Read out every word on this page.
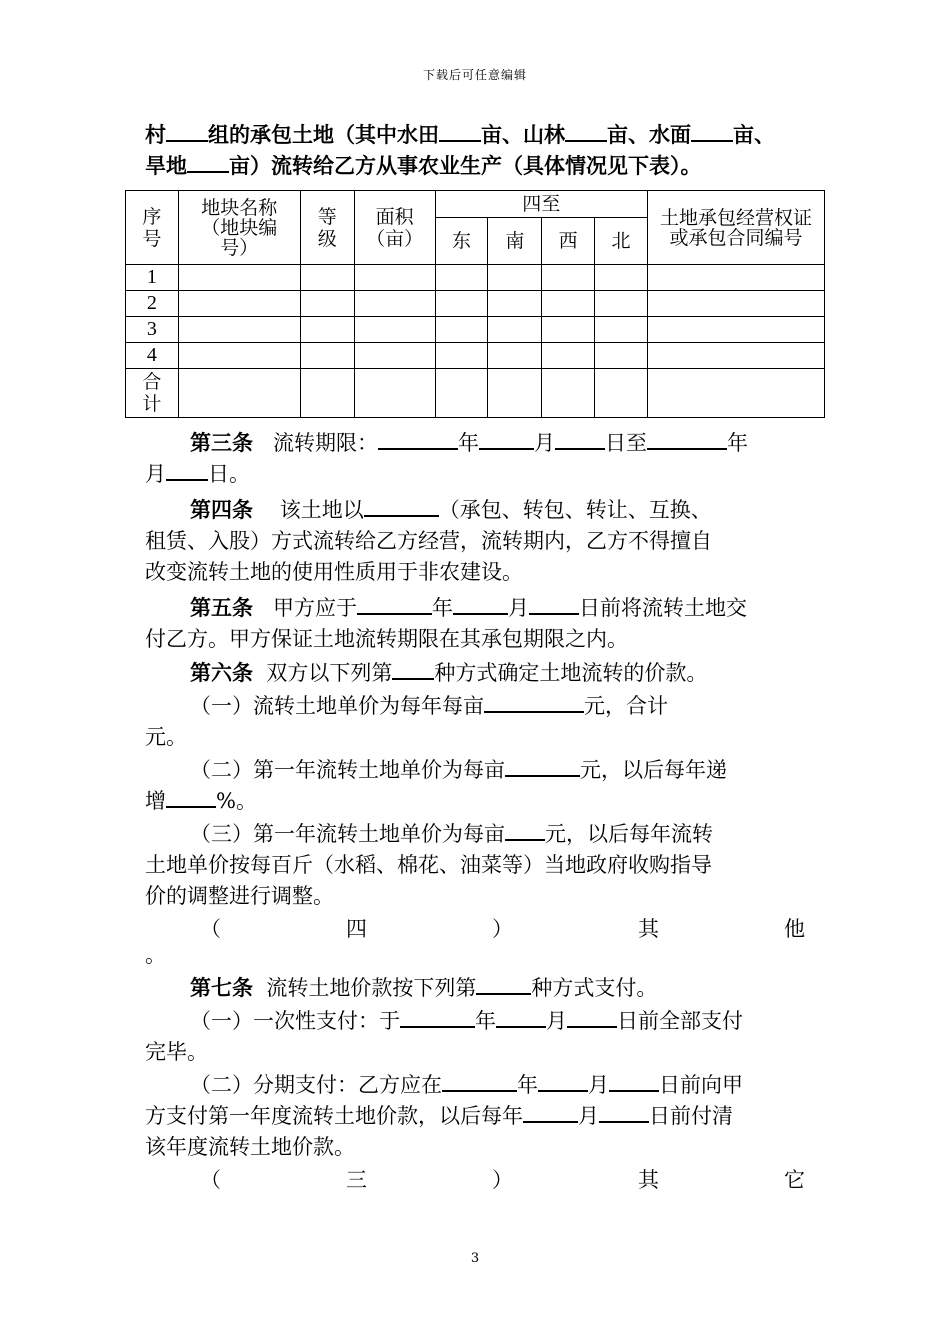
下载后可任意编辑
村 组的承包土地（其中水田 亩、山林 亩、水面 亩、
旱地 亩）流转给乙方从事农业生产（具体情况见下表）。
序号	地块名称（地块编号）	等级	面积（亩）	四至				土地承包经营权证或承包合同编号

				东	南	西	北	
1								
2								
3								
4								

合计								

第三条 流转期限：	年	月 日至	年
月 日。
第四条 该土地以	（承包、转包、转让、互换、
租赁、入股）方式流转给乙方经营，流转期内，乙方不得擅自
改变流转土地的使用性质用于非农建设。
第五条 甲方应于	年	月 日前将流转土地交
付乙方。甲方保证土地流转期限在其承包期限之内。
第六条 双方以下列第 种方式确定土地流转的价款。
（一）流转土地单价为每年每亩	元，合计
元。
（二）第一年流转土地单价为每亩	元，以后每年递
增 %。
（三）第一年流转土地单价为每亩 元，以后每年流转
土地单价按每百斤（水稻、棉花、油菜等）当地政府收购指导
价的调整进行调整。
（	四	）	其	他
。
第七条 流转土地价款按下列第	种方式支付。
（一）一次性支付：于	年 月 日前全部支付
完毕。
（二）分期支付：乙方应在	年 月 日前向甲
方支付第一年度流转土地价款，以后每年	月 日前付清
该年度流转土地价款。
（	三	）	其	它
3
